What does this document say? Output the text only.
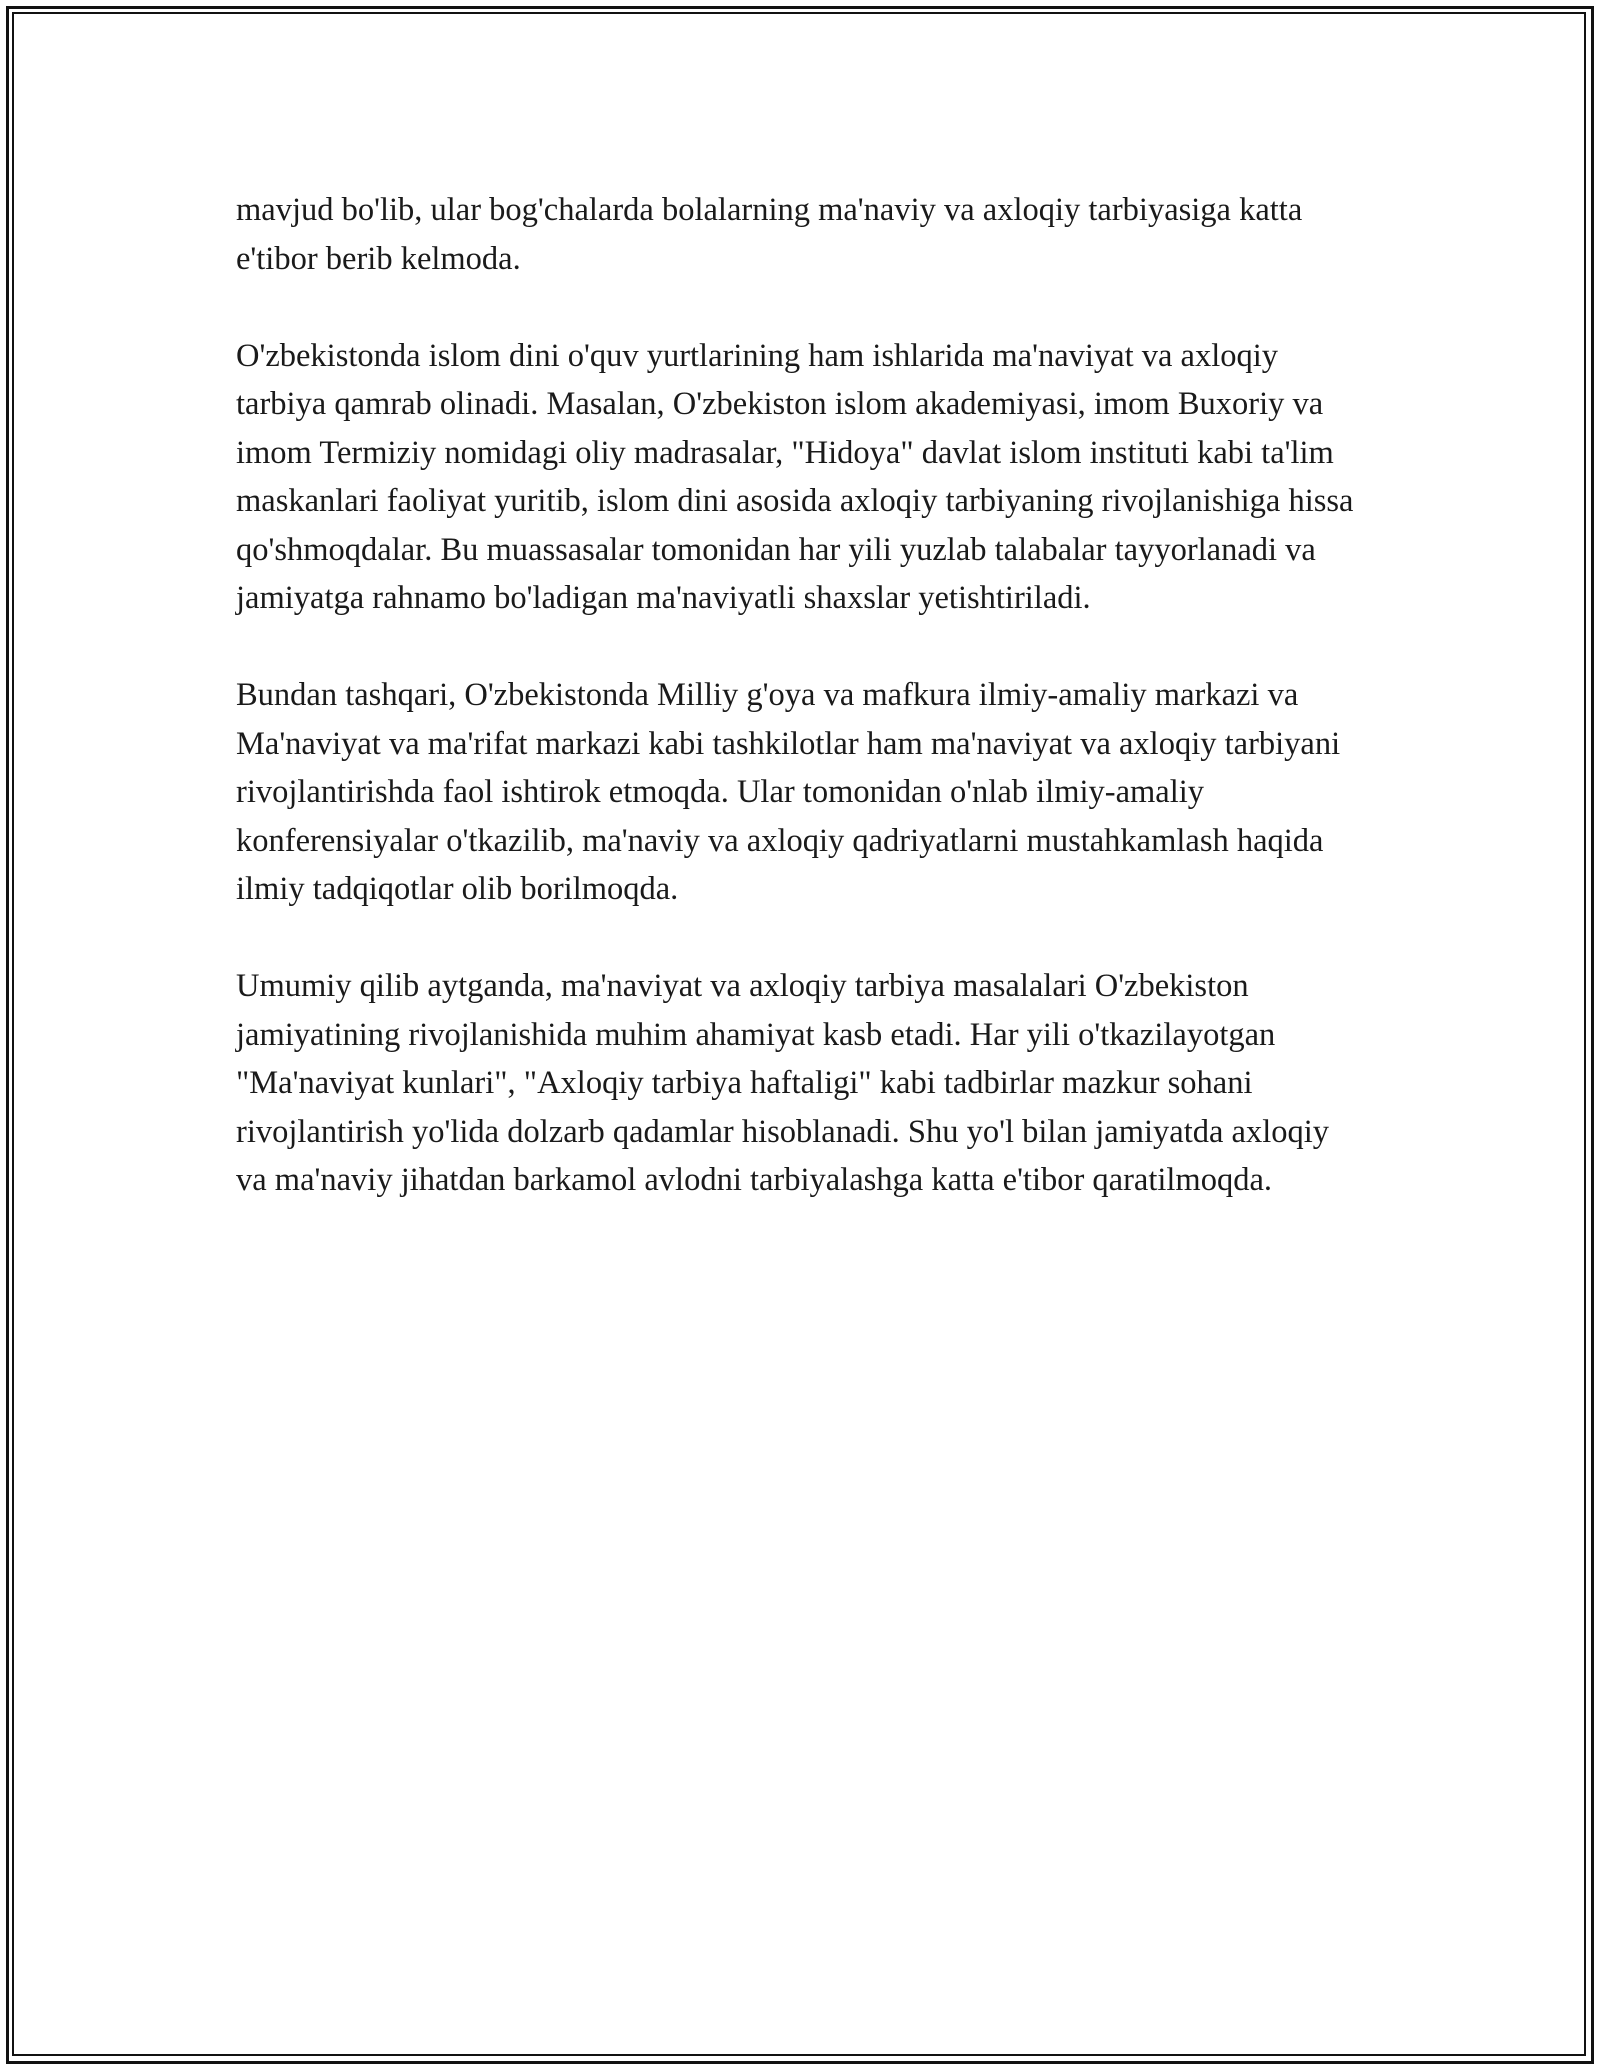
mavjud bo'lib, ular bog'chalarda bolalarning ma'naviy va axloqiy tarbiyasiga katta e'tibor berib kelmoda.

O'zbekistonda islom dini o'quv yurtlarining ham ishlarida ma'naviyat va axloqiy tarbiya qamrab olinadi. Masalan, O'zbekiston islom akademiyasi, imom Buxoriy va imom Termiziy nomidagi oliy madrasalar, "Hidoya" davlat islom instituti kabi ta'lim maskanlari faoliyat yuritib, islom dini asosida axloqiy tarbiyaning rivojlanishiga hissa qo'shmoqdalar. Bu muassasalar tomonidan har yili yuzlab talabalar tayyorlanadi va jamiyatga rahnamo bo'ladigan ma'naviyatli shaxslar yetishtiriladi.

Bundan tashqari, O'zbekistonda Milliy g'oya va mafkura ilmiy-amaliy markazi va Ma'naviyat va ma'rifat markazi kabi tashkilotlar ham ma'naviyat va axloqiy tarbiyani rivojlantirishda faol ishtirok etmoqda. Ular tomonidan o'nlab ilmiy-amaliy konferensiyalar o'tkazilib, ma'naviy va axloqiy qadriyatlarni mustahkamlash haqida ilmiy tadqiqotlar olib borilmoqda.

Umumiy qilib aytganda, ma'naviyat va axloqiy tarbiya masalalari O'zbekiston jamiyatining rivojlanishida muhim ahamiyat kasb etadi. Har yili o'tkazilayotgan "Ma'naviyat kunlari", "Axloqiy tarbiya haftaligi" kabi tadbirlar mazkur sohani rivojlantirish yo'lida dolzarb qadamlar hisoblanadi. Shu yo'l bilan jamiyatda axloqiy va ma'naviy jihatdan barkamol avlodni tarbiyalashga katta e'tibor qaratilmoqda.
